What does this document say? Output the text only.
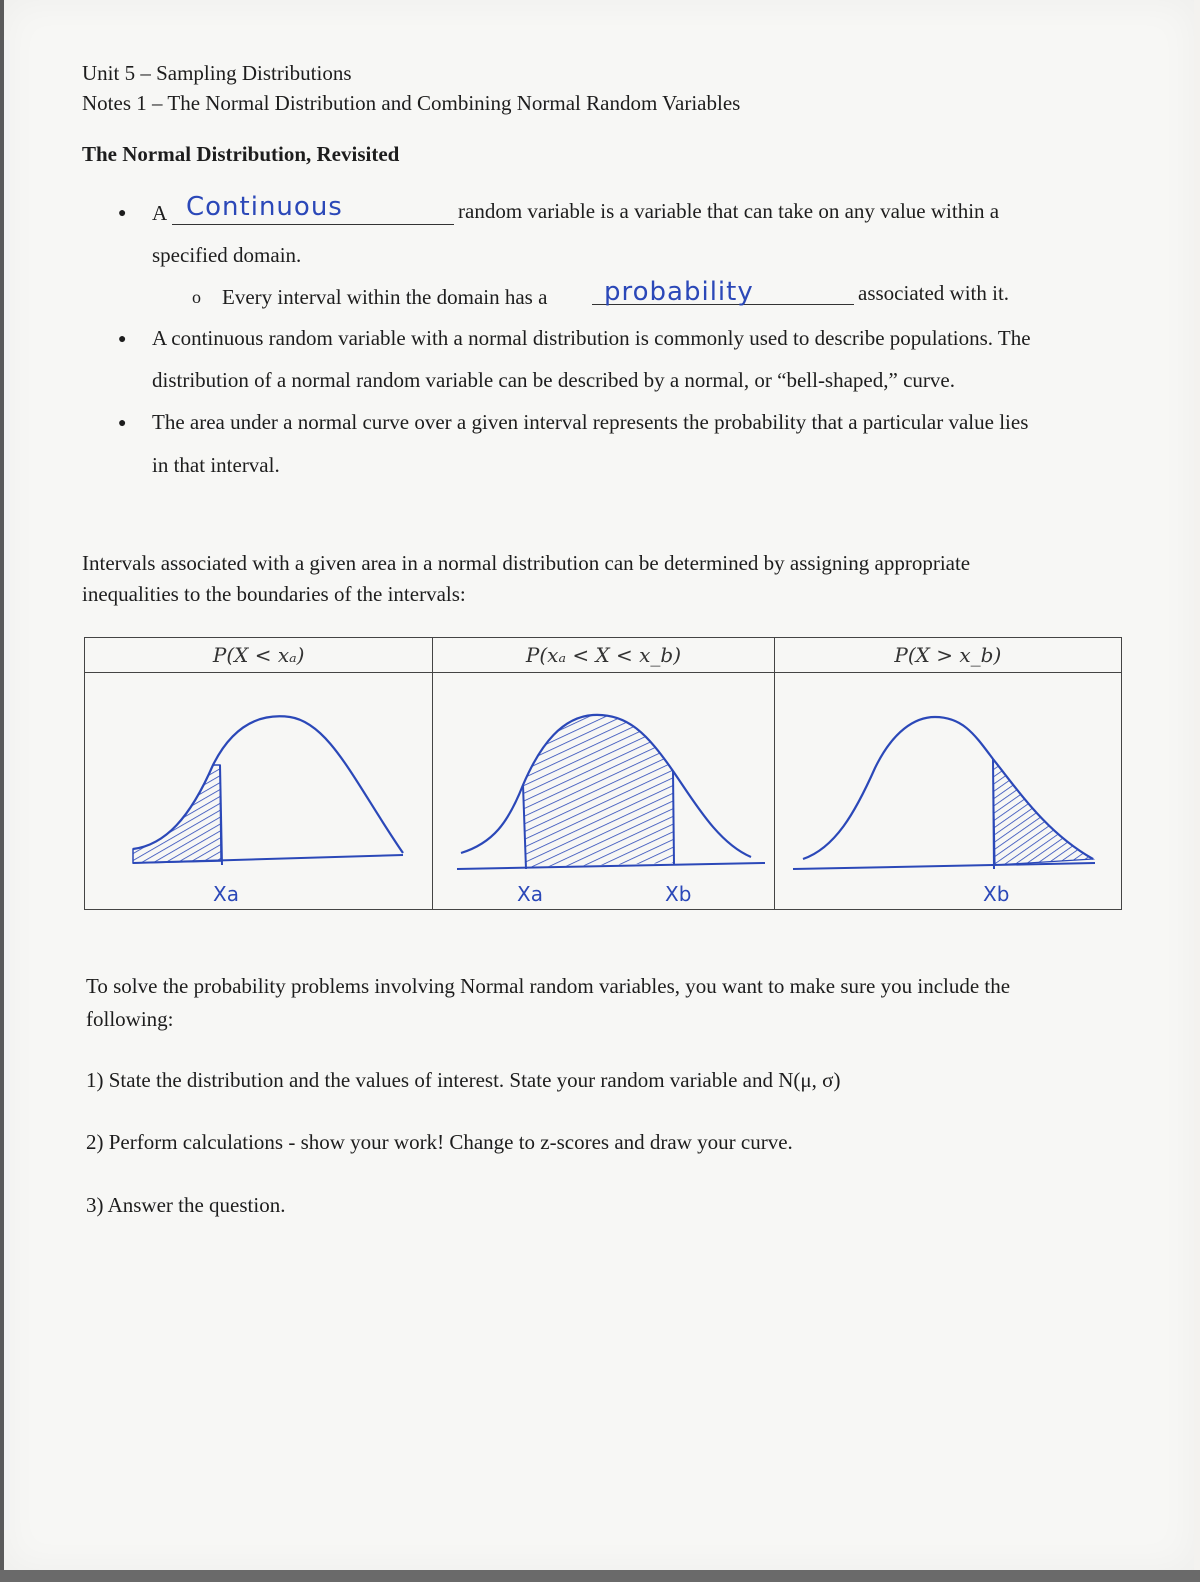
Unit 5 – Sampling Distributions
Notes 1 – The Normal Distribution and Combining Normal Random Variables
The Normal Distribution, Revisited
● A Continuous	random variable is a variable that can take on any value within a
specified domain.
o Every interval within the domain has a probability	associated with it.
● A continuous random variable with a normal distribution is commonly used to describe populations. The
distribution of a normal random variable can be described by a normal, or “bell-shaped,” curve.
● The area under a normal curve over a given interval represents the probability that a particular value lies
in that interval.
Intervals associated with a given area in a normal distribution can be determined by assigning appropriate
inequalities to the boundaries of the intervals:
P(X < xₐ)	P(xₐ < X < x_b)	P(X > x_b)

Xa	Xa Xb	Xb
To solve the probability problems involving Normal random variables, you want to make sure you include the
following:
1) State the distribution and the values of interest. State your random variable and N(μ, σ)
2) Perform calculations - show your work! Change to z-scores and draw your curve.
3) Answer the question.
